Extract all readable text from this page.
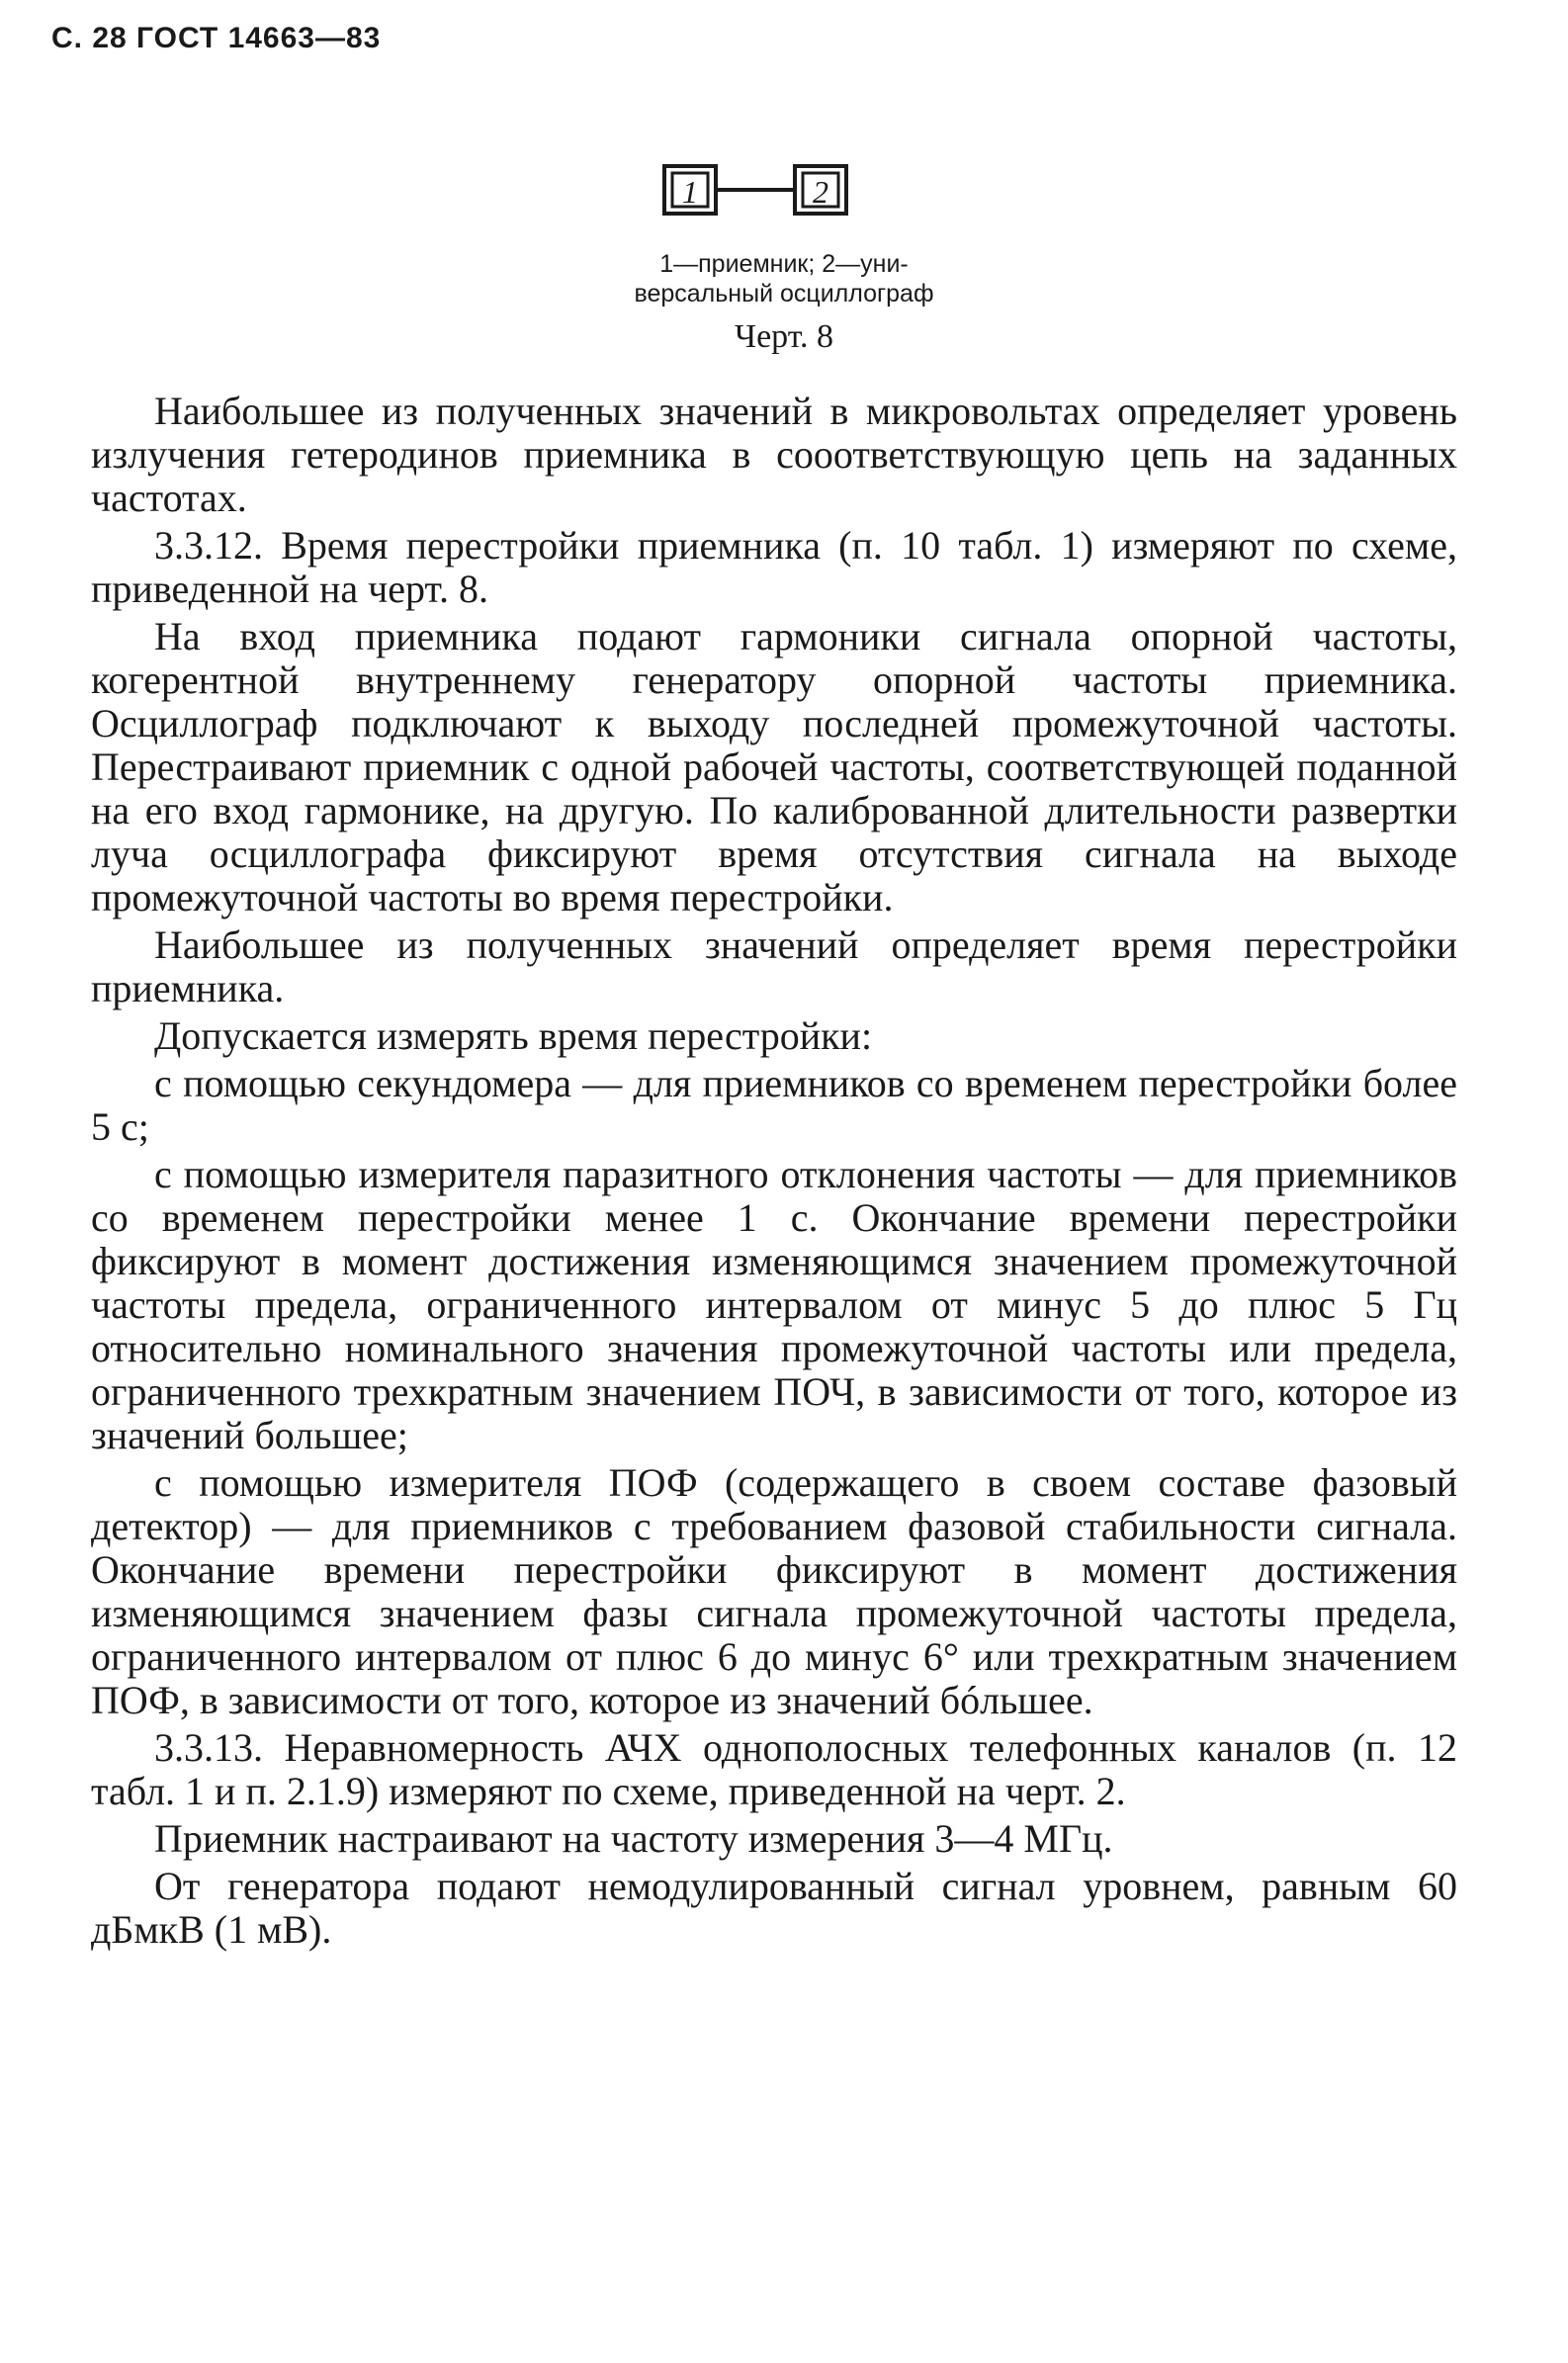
С. 28 ГОСТ 14663—83
1	2
1—приемник; 2—уни-
версальный осциллограф
Черт. 8

Наибольшее из полученных значений в микровольтах определяет уровень излучения гетеродинов приемника в сооответствующую цепь на заданных частотах.

3.3.12. Время перестройки приемника (п. 10 табл. 1) измеряют по схеме, приведенной на черт. 8.

На вход приемника подают гармоники сигнала опорной частоты, когерентной внутреннему генератору опорной частоты приемника. Осциллограф подключают к выходу последней промежуточной частоты. Перестраивают приемник с одной рабочей частоты, соответствующей поданной на его вход гармонике, на другую. По калиброванной длительности развертки луча осциллографа фиксируют время отсутствия сигнала на выходе промежуточной частоты во время перестройки.

Наибольшее из полученных значений определяет время перестройки приемника.

Допускается измерять время перестройки:

с помощью секундомера — для приемников со временем перестройки более 5 с;

с помощью измерителя паразитного отклонения частоты — для приемников со временем перестройки менее 1 с. Окончание времени перестройки фиксируют в момент достижения изменяющимся значением промежуточной частоты предела, ограниченного интервалом от минус 5 до плюс 5 Гц относительно номинального значения промежуточной частоты или предела, ограниченного трехкратным значением ПОЧ, в зависимости от того, которое из значений большее;

с помощью измерителя ПОФ (содержащего в своем составе фазовый детектор) — для приемников с требованием фазовой стабильности сигнала. Окончание времени перестройки фиксируют в момент достижения изменяющимся значением фазы сигнала промежуточной частоты предела, ограниченного интервалом от плюс 6 до минус 6° или трехкратным значением ПОФ, в зависимости от того, которое из значений бóльшее.

3.3.13. Неравномерность АЧХ однополосных телефонных каналов (п. 12 табл. 1 и п. 2.1.9) измеряют по схеме, приведенной на черт. 2.

Приемник настраивают на частоту измерения 3—4 МГц.

От генератора подают немодулированный сигнал уровнем, равным 60 дБмкВ (1 мВ).
